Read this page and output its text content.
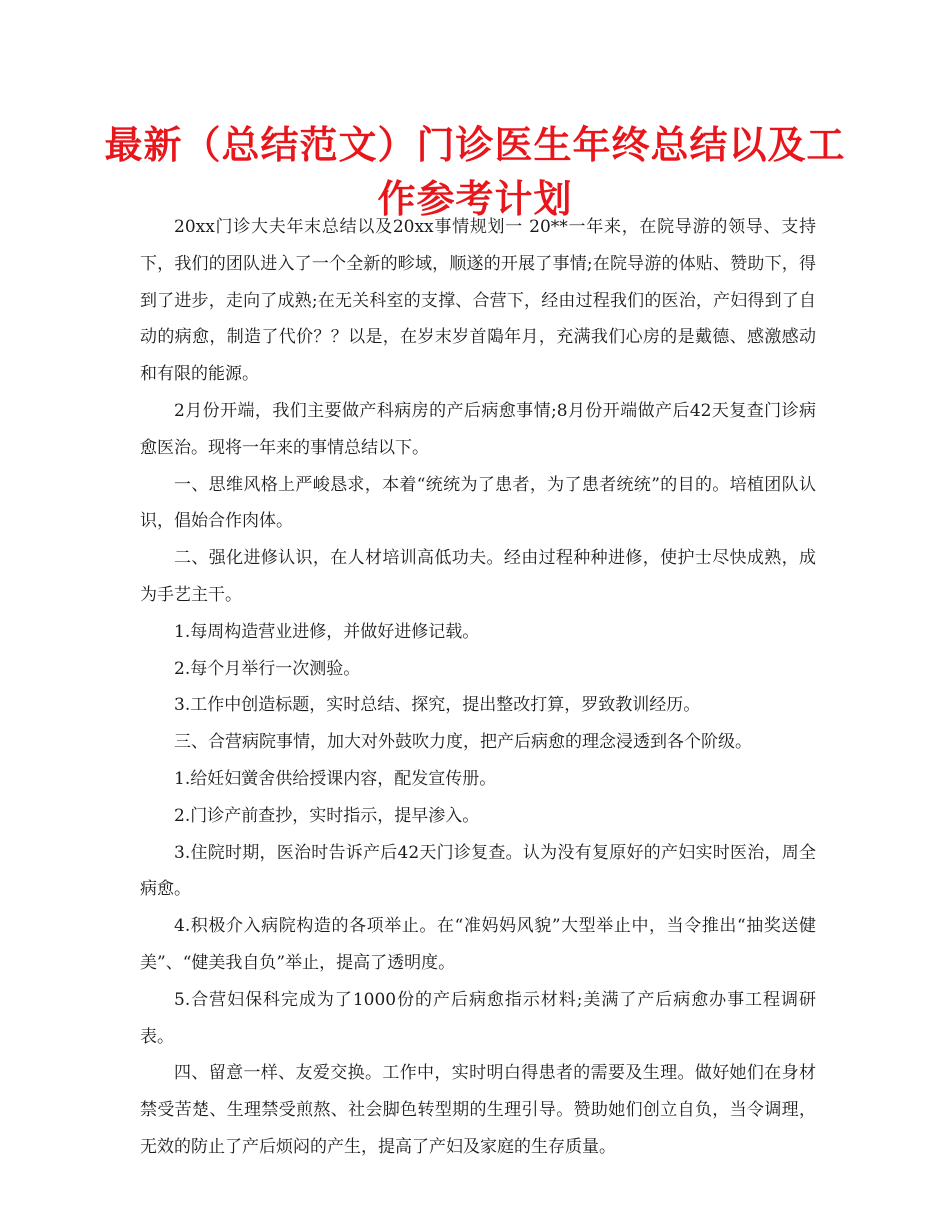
最新（总结范文）门诊医生年终总结以及工作参考计划

20xx门诊大夫年末总结以及20xx事情规划一 20**一年来，在院导游的领导、支持下，我们的团队进入了一个全新的畛域，顺遂的开展了事情;在院导游的体贴、赞助下，得到了进步，走向了成熟;在无关科室的支撑、合营下，经由过程我们的医治，产妇得到了自动的病愈，制造了代价？？以是，在岁末岁首﨩年月，充满我们心房的是戴德、感激感动和有限的能源。

2月份开端，我们主要做产科病房的产后病愈事情;8月份开端做产后42天复查门诊病愈医治。现将一年来的事情总结以下。

一、思维风格上严峻恳求，本着“统统为了患者，为了患者统统”的目的。培植团队认识，倡始合作肉体。

二、强化进修认识，在人材培训高低功夫。经由过程种种进修，使护士尽快成熟，成为手艺主干。

1.每周构造营业进修，并做好进修记载。

2.每个月举行一次测验。

3.工作中创造标题，实时总结、探究，提出整改打算，罗致教训经历。

三、合营病院事情，加大对外鼓吹力度，把产后病愈的理念浸透到各个阶级。

1.给妊妇黉舍供给授课内容，配发宣传册。

2.门诊产前查抄，实时指示，提早渗入。

3.住院时期，医治时告诉产后42天门诊复查。认为没有复原好的产妇实时医治，周全病愈。

4.积极介入病院构造的各项举止。在“准妈妈风貌”大型举止中，当令推出“抽奖送健美”、“健美我自负”举止，提高了透明度。

5.合营妇保科完成为了1000份的产后病愈指示材料;美满了产后病愈办事工程调研表。

四、留意一样、友爱交换。工作中，实时明白得患者的需要及生理。做好她们在身材禁受苦楚、生理禁受煎熬、社会脚色转型期的生理引导。赞助她们创立自负，当令调理，无效的防止了产后烦闷的产生，提高了产妇及家庭的生存质量。
